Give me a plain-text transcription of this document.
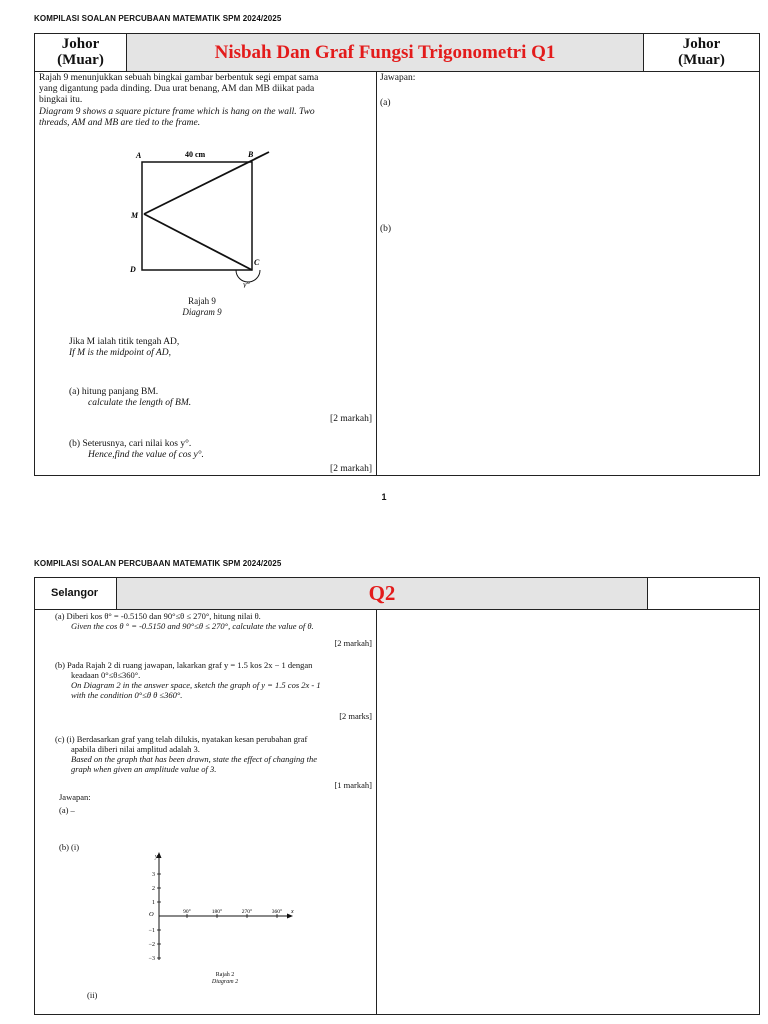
KOMPILASI SOALAN PERCUBAAN MATEMATIK SPM 2024/2025
Johor
(Muar)	Nisbah Dan Graf Fungsi Trigonometri Q1	Johor
(Muar)
Rajah 9 menunjukkan sebuah bingkai gambar berbentuk segi empat sama
yang digantung pada dinding. Dua urat benang, AM dan MB diikat pada
bingkai itu.
Diagram 9 shows a square picture frame which is hang on the wall. Two
threads, AM and MB are tied to the frame.
A	40 cm	B
M
D
C
y°
Rajah 9
Diagram 9
Jika M ialah titik tengah AD,
If M is the midpoint of AD,
(a) hitung panjang BM.
calculate the length of BM.
[2 markah]
(b) Seterusnya, cari nilai kos y°.
Hence,find the value of cos y°.
[2 markah]
Jawapan:
(a)
(b)
1
KOMPILASI SOALAN PERCUBAAN MATEMATIK SPM 2024/2025
Selangor	Q2
(a) Diberi kos θ° = -0.5150 dan 90°≤θ ≤ 270°, hitung nilai θ.
Given the cos θ ° = -0.5150 and 90°≤θ ≤ 270°, calculate the value of θ.
[2 markah]
(b) Pada Rajah 2 di ruang jawapan, lakarkan graf y = 1.5 kos 2x − 1 dengan
keadaan 0°≤θ≤360°.
On Diagram 2 in the answer space, sketch the graph of y = 1.5 cos 2x - 1
with the condition 0°≤θ θ ≤360°.
[2 marks]
(c) (i) Berdasarkan graf yang telah dilukis, nyatakan kesan perubahan graf
apabila diberi nilai amplitud adalah 3.
Based on the graph that has been drawn, state the effect of changing the
graph when given an amplitude value of 3.
[1 markah]
Jawapan:
(a) –
(b) (i)
3
2
1
−1
−2
−3
90°	180°	270°	360°
y
x
O
Rajah 2
Diagram 2
(ii)
